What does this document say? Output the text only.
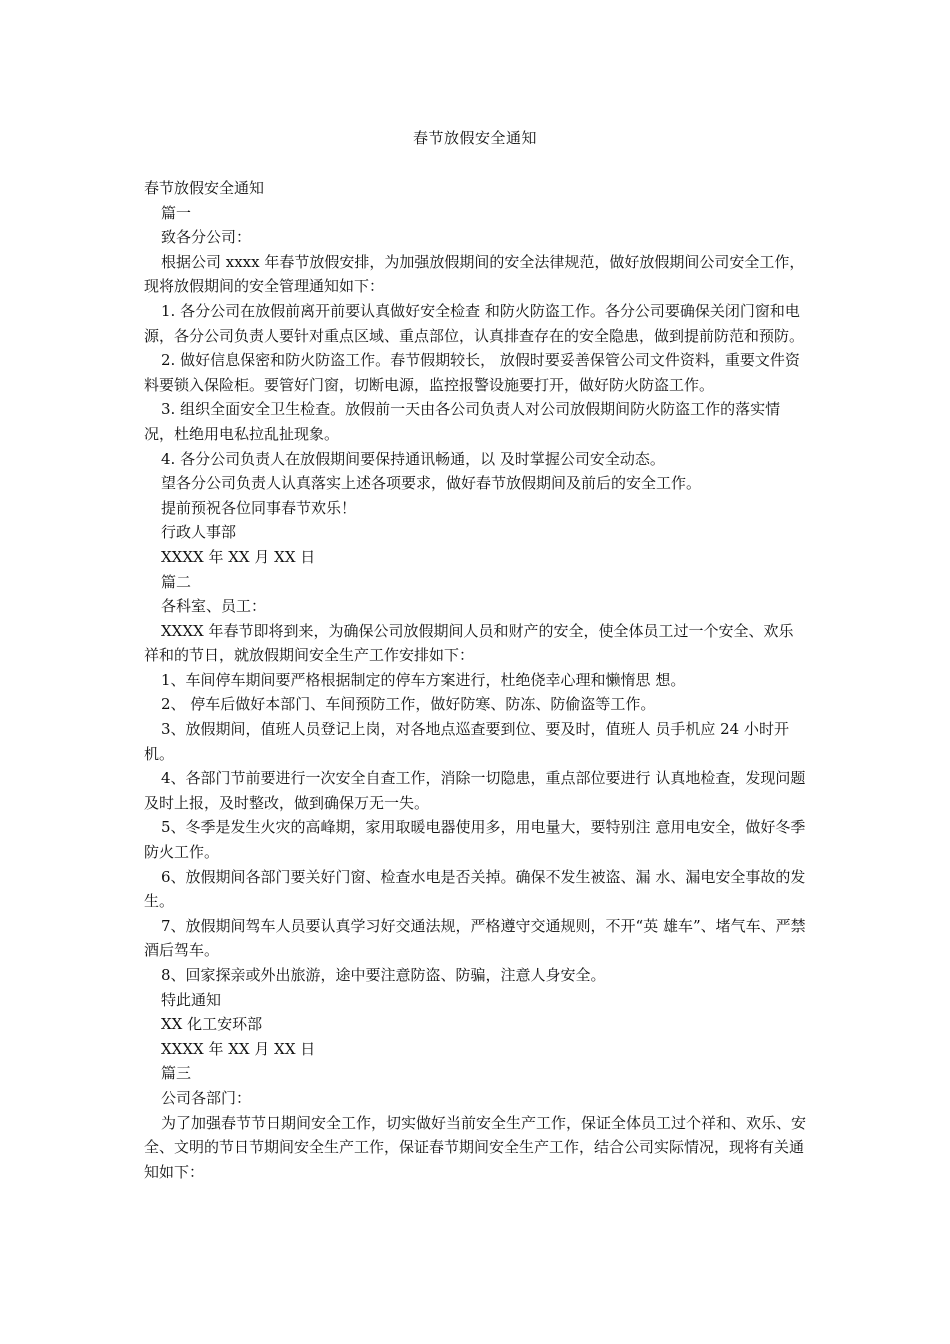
春节放假安全通知

春节放假安全通知

篇一

致各分公司：

根据公司 xxxx 年春节放假安排，为加强放假期间的安全法律规范，做好放假期间公司安全工作，现将放假期间的安全管理通知如下：

1. 各分公司在放假前离开前要认真做好安全检查 和防火防盗工作。各分公司要确保关闭门窗和电源，各分公司负责人要针对重点区域、重点部位，认真排查存在的安全隐患，做到提前防范和预防。

2. 做好信息保密和防火防盗工作。春节假期较长， 放假时要妥善保管公司文件资料，重要文件资料要锁入保险柜。要管好门窗，切断电源，监控报警设施要打开，做好防火防盗工作。

3. 组织全面安全卫生检查。放假前一天由各公司负责人对公司放假期间防火防盗工作的落实情况，杜绝用电私拉乱扯现象。

4. 各分公司负责人在放假期间要保持通讯畅通，以 及时掌握公司安全动态。

望各分公司负责人认真落实上述各项要求，做好春节放假期间及前后的安全工作。

提前预祝各位同事春节欢乐！

行政人事部

XXXX 年 XX 月 XX 日

篇二

各科室、员工：

XXXX 年春节即将到来，为确保公司放假期间人员和财产的安全，使全体员工过一个安全、欢乐祥和的节日，就放假期间安全生产工作安排如下：

1、车间停车期间要严格根据制定的停车方案进行，杜绝侥幸心理和懒惰思 想。

2、 停车后做好本部门、车间预防工作，做好防寒、防冻、防偷盗等工作。

3、放假期间，值班人员登记上岗，对各地点巡查要到位、要及时，值班人 员手机应 24 小时开机。

4、各部门节前要进行一次安全自查工作，消除一切隐患，重点部位要进行 认真地检查，发现问题及时上报，及时整改，做到确保万无一失。

5、冬季是发生火灾的高峰期，家用取暖电器使用多，用电量大，要特别注 意用电安全，做好冬季防火工作。

6、放假期间各部门要关好门窗、检查水电是否关掉。确保不发生被盗、漏 水、漏电安全事故的发生。

7、放假期间驾车人员要认真学习好交通法规，严格遵守交通规则，不开“英 雄车”、堵气车、严禁酒后驾车。

8、回家探亲或外出旅游，途中要注意防盗、防骗，注意人身安全。

特此通知

XX 化工安环部

XXXX 年 XX 月 XX 日

篇三

公司各部门：

为了加强春节节日期间安全工作，切实做好当前安全生产工作，保证全体员工过个祥和、欢乐、安全、文明的节日节期间安全生产工作，保证春节期间安全生产工作，结合公司实际情况，现将有关通知如下：
